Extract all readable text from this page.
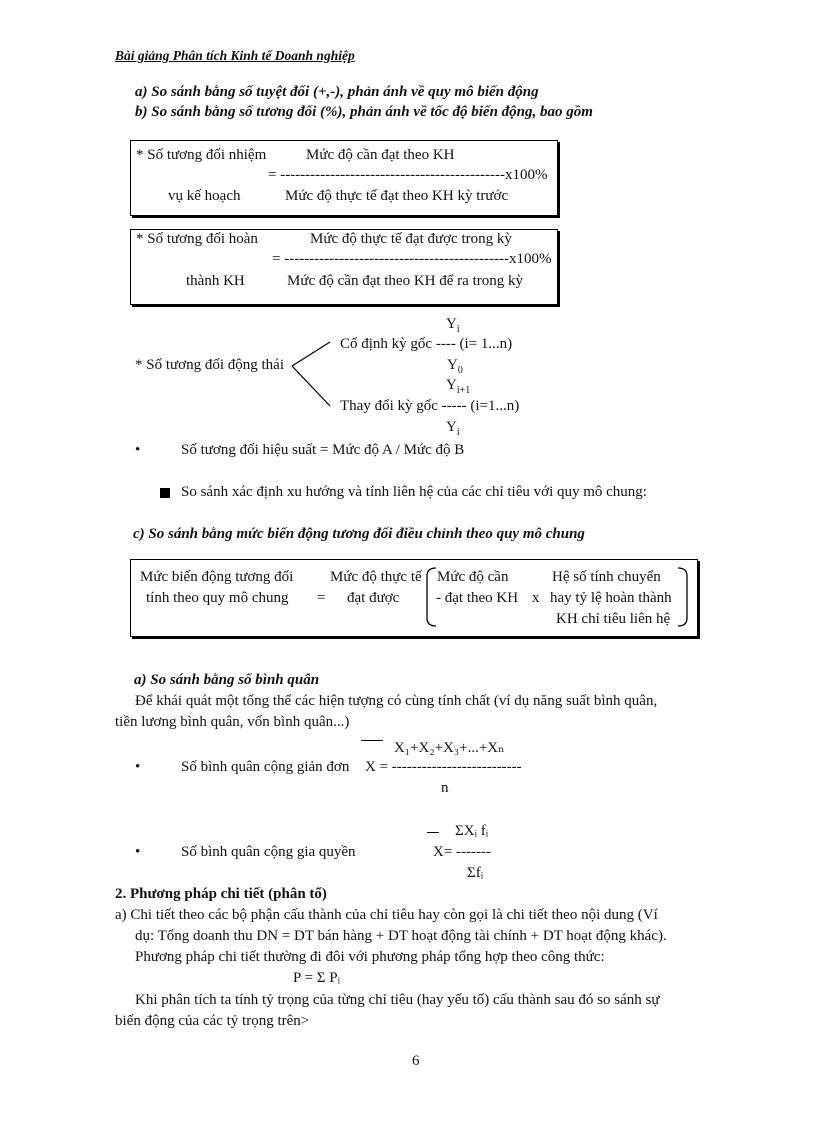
Bài giảng Phân tích Kinh tế Doanh nghiệp
a) So sánh bằng số tuyệt đối (+,-), phản ánh về quy mô biến động
b) So sánh bằng số tương đối (%), phản ánh về tốc độ biến động, bao gồm
* Số tương đối nhiệm	Mức độ cần đạt theo KH
= ---------------------------------------------x100%
vụ kế hoạch	Mức độ thực tế đạt theo KH kỳ trước
* Số tương đối hoàn	Mức độ thực tế đạt được trong kỳ
= ---------------------------------------------x100%
thành KH	Mức độ cần đạt theo KH để ra trong kỳ
$Y_i$
Cố định kỳ gốc ---- (i= 1...n)
* Số tương đối động thái	$Y_0$
$Y_{i+1}$
Thay đổi kỳ gốc ----- (i=1...n)
$Y_i$
•	Số tương đối hiệu suất = Mức độ A / Mức độ B
So sánh xác định xu hướng và tính liên hệ của các chỉ tiêu với quy mô chung:
c) So sánh bằng mức biến động tương đối điều chỉnh theo quy mô chung
Mức biến động tương đối
tính theo quy mô chung =
Mức độ thực tế
đạt được
Mức độ cần
- đạt theo KH x
Hệ số tính chuyển
hay tỷ lệ hoàn thành
KH chỉ tiêu liên hệ
a) So sánh bằng số bình quân
Để khái quát một tổng thể các hiện tượng có cùng tính chất (ví dụ năng suất bình quân,
tiền lương bình quân, vốn bình quân...)
X₁+X₂+X₃+...+Xₙ
•	Số bình quân cộng giản đơn X = --------------------------
n
ΣXᵢ fᵢ
•	Số bình quân cộng gia quyền	X= -------
Σfᵢ
2. Phương pháp chi tiết (phân tổ)
a) Chi tiết theo các bộ phận cấu thành của chỉ tiêu hay còn gọi là chi tiết theo nội dung (Ví
dụ: Tổng doanh thu DN = DT bán hàng + DT hoạt động tài chính + DT hoạt động khác).
Phương pháp chi tiết thường đi đôi với phương pháp tổng hợp theo công thức:
P = Σ Pᵢ
Khi phân tích ta tính tỷ trọng của từng chỉ tiêu (hay yếu tố) cấu thành sau đó so sánh sự
biến động của các tỷ trọng trên>
6
